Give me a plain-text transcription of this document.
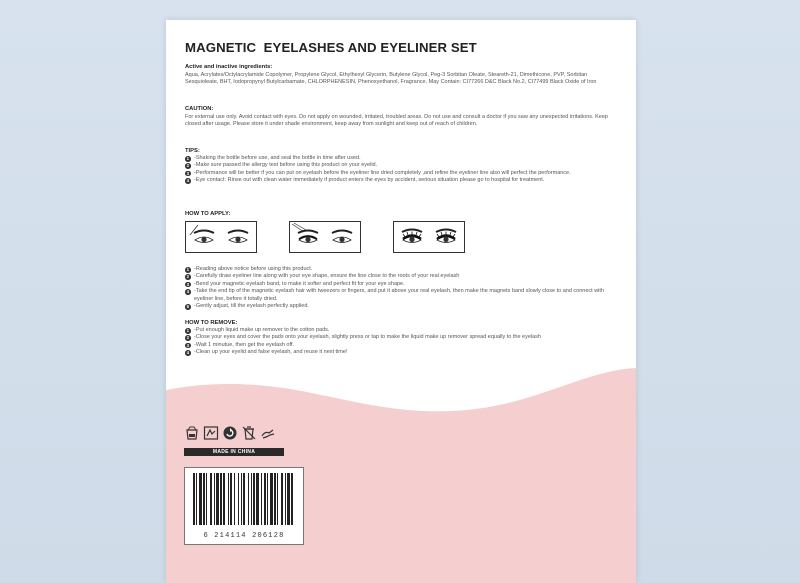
MAGNETIC  EYELASHES AND EYELINER SET
Active and inactive ingredients:
Aqua, Acrylates/Octylacrylamide Copolymer, Propylene Glycol, Ethylhexyl Glycerin, Butylene Glycol, Peg-3 Sorbitan Oleate, Steareth-21, Dimethicone, PVP, Sorbitan Sesquioleate, BHT, Iodopropynyl Butylcarbamate, CHLORPHENESIN, Phenoxyethanol, Fragrance. May Contain: CI77266 D&C Black No.2, CI77499 Black Oxide of Iron
CAUTION:
For external use only. Avoid contact with eyes. Do not apply on wounded, irritated, troubled areas. Do not use and consult a doctor if you saw any unexpected irritations. Keep closed after usage. Please store it under shade environment, keep away from sunlight and keep out of reach of children.
TIPS:
1 -Shaking the bottle before use, and seal the bottle in time after used.
2 -Make sure passed the allergy test before using this product on your eyelid.
3 -Performance will be better if you can put on eyelash before the eyeliner line dried completely ,and refine the eyeliner line also will perfect the performance.
4 -Eye contact: Rinse out with clean water immediately if product enters the eyes by accident, serious situation please go to hospital for treatment.
HOW TO APPLY:
1 -Reading above notice before using this product.
2 -Carefully draw eyeliner line along with your eye shape, ensure the line close to the roots of your real eyelash
3 -Bend your magnetic eyelash band, to make it softer and perfect fit for your eye shape.
4 -Take the end tip of the magnetic eyelash hair with tweezers or fingers, and put it above your real eyelash, then make the magnets band slowly close to and connect with eyeliner line, before it totally dried.
5 -Gently adjust, till the eyelash perfectly applied.
HOW TO REMOVE:
1 -Put enough liquid make up remover to the cotton pads.
2 -Close your eyes and cover the pads onto your eyelash, slightly press or tap to make the liquid make up remover spread equally to the eyelash
3 -Wait 1 minutue, then get the eyelash off.
4 -Clean up your eyelid and false eyelash, and reuse it next time!
MADE IN CHINA
6 214114 206128
